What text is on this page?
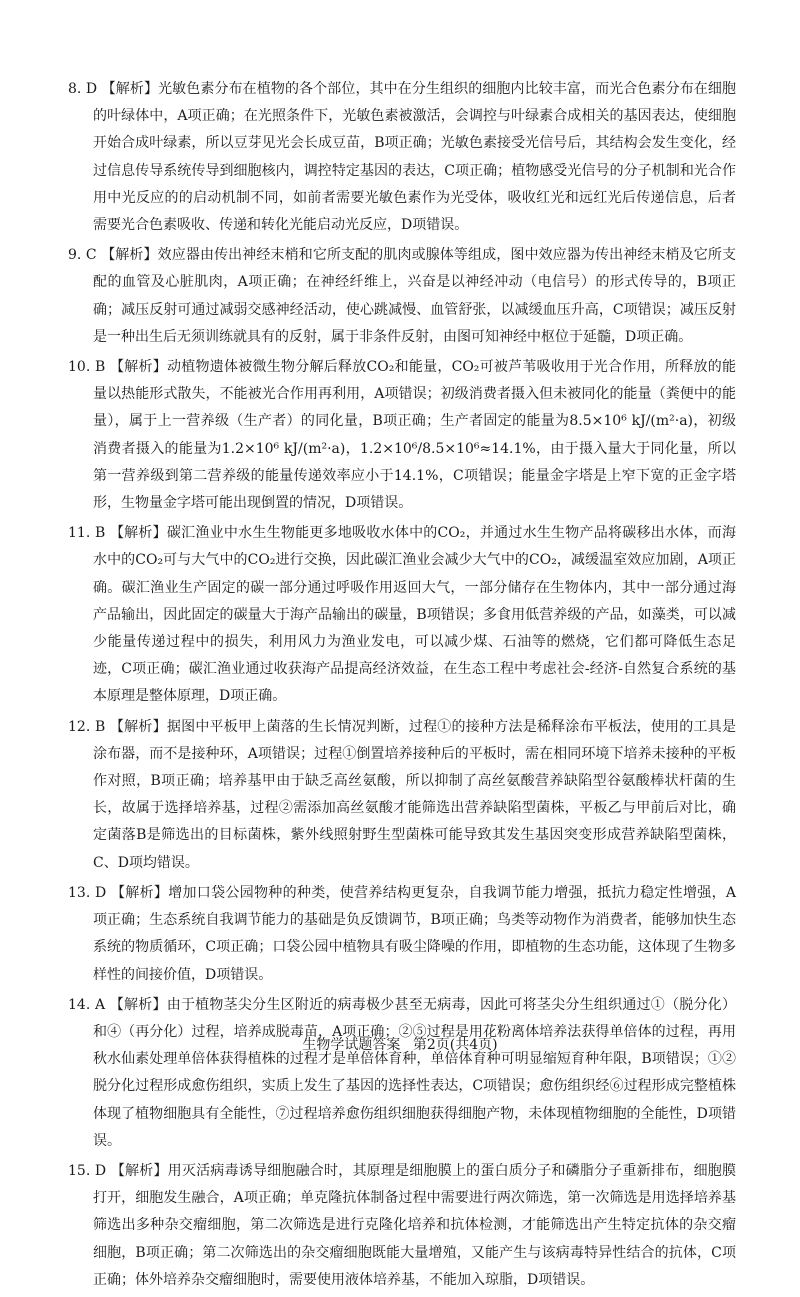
8. D 【解析】光敏色素分布在植物的各个部位，其中在分生组织的细胞内比较丰富，而光合色素分布在细胞的叶绿体中，A项正确；在光照条件下，光敏色素被激活，会调控与叶绿素合成相关的基因表达，使细胞开始合成叶绿素，所以豆芽见光会长成豆苗，B项正确；光敏色素接受光信号后，其结构会发生变化，经过信息传导系统传导到细胞核内，调控特定基因的表达，C项正确；植物感受光信号的分子机制和光合作用中光反应的的启动机制不同，如前者需要光敏色素作为光受体，吸收红光和远红光后传递信息，后者需要光合色素吸收、传递和转化光能启动光反应，D项错误。

9. C 【解析】效应器由传出神经末梢和它所支配的肌肉或腺体等组成，图中效应器为传出神经末梢及它所支配的血管及心脏肌肉，A项正确；在神经纤维上，兴奋是以神经冲动（电信号）的形式传导的，B项正确；减压反射可通过减弱交感神经活动，使心跳减慢、血管舒张，以减缓血压升高，C项错误；减压反射是一种出生后无须训练就具有的反射，属于非条件反射，由图可知神经中枢位于延髓，D项正确。

10. B 【解析】动植物遗体被微生物分解后释放CO₂和能量，CO₂可被芦苇吸收用于光合作用，所释放的能量以热能形式散失，不能被光合作用再利用，A项错误；初级消费者摄入但未被同化的能量（粪便中的能量），属于上一营养级（生产者）的同化量，B项正确；生产者固定的能量为8.5×10⁶ kJ/(m²·a)，初级消费者摄入的能量为1.2×10⁶ kJ/(m²·a)，1.2×10⁶/8.5×10⁶≈14.1%，由于摄入量大于同化量，所以第一营养级到第二营养级的能量传递效率应小于14.1%，C项错误；能量金字塔是上窄下宽的正金字塔形，生物量金字塔可能出现倒置的情况，D项错误。

11. B 【解析】碳汇渔业中水生生物能更多地吸收水体中的CO₂，并通过水生生物产品将碳移出水体，而海水中的CO₂可与大气中的CO₂进行交换，因此碳汇渔业会减少大气中的CO₂，减缓温室效应加剧，A项正确。碳汇渔业生产固定的碳一部分通过呼吸作用返回大气，一部分储存在生物体内，其中一部分通过海产品输出，因此固定的碳量大于海产品输出的碳量，B项错误；多食用低营养级的产品，如藻类，可以减少能量传递过程中的损失，利用风力为渔业发电，可以减少煤、石油等的燃烧，它们都可降低生态足迹，C项正确；碳汇渔业通过收获海产品提高经济效益，在生态工程中考虑社会-经济-自然复合系统的基本原理是整体原理，D项正确。

12. B 【解析】据图中平板甲上菌落的生长情况判断，过程①的接种方法是稀释涂布平板法，使用的工具是涂布器，而不是接种环，A项错误；过程①倒置培养接种后的平板时，需在相同环境下培养未接种的平板作对照，B项正确；培养基甲由于缺乏高丝氨酸，所以抑制了高丝氨酸营养缺陷型谷氨酸棒状杆菌的生长，故属于选择培养基，过程②需添加高丝氨酸才能筛选出营养缺陷型菌株，平板乙与甲前后对比，确定菌落B是筛选出的目标菌株，紫外线照射野生型菌株可能导致其发生基因突变形成营养缺陷型菌株，C、D项均错误。

13. D 【解析】增加口袋公园物种的种类，使营养结构更复杂，自我调节能力增强，抵抗力稳定性增强，A项正确；生态系统自我调节能力的基础是负反馈调节，B项正确；鸟类等动物作为消费者，能够加快生态系统的物质循环，C项正确；口袋公园中植物具有吸尘降噪的作用，即植物的生态功能，这体现了生物多样性的间接价值，D项错误。

14. A 【解析】由于植物茎尖分生区附近的病毒极少甚至无病毒，因此可将茎尖分生组织通过①（脱分化）和④（再分化）过程，培养成脱毒苗，A项正确；②⑤过程是用花粉离体培养法获得单倍体的过程，再用秋水仙素处理单倍体获得植株的过程才是单倍体育种，单倍体育种可明显缩短育种年限，B项错误；①②脱分化过程形成愈伤组织，实质上发生了基因的选择性表达，C项错误；愈伤组织经⑥过程形成完整植株体现了植物细胞具有全能性，⑦过程培养愈伤组织细胞获得细胞产物，未体现植物细胞的全能性，D项错误。

15. D 【解析】用灭活病毒诱导细胞融合时，其原理是细胞膜上的蛋白质分子和磷脂分子重新排布，细胞膜打开，细胞发生融合，A项正确；单克隆抗体制备过程中需要进行两次筛选，第一次筛选是用选择培养基筛选出多种杂交瘤细胞，第二次筛选是进行克隆化培养和抗体检测，才能筛选出产生特定抗体的杂交瘤细胞，B项正确；第二次筛选出的杂交瘤细胞既能大量增殖，又能产生与该病毒特异性结合的抗体，C项正确；体外培养杂交瘤细胞时，需要使用液体培养基，不能加入琼脂，D项错误。

生物学试题答案 第2页(共4页)
